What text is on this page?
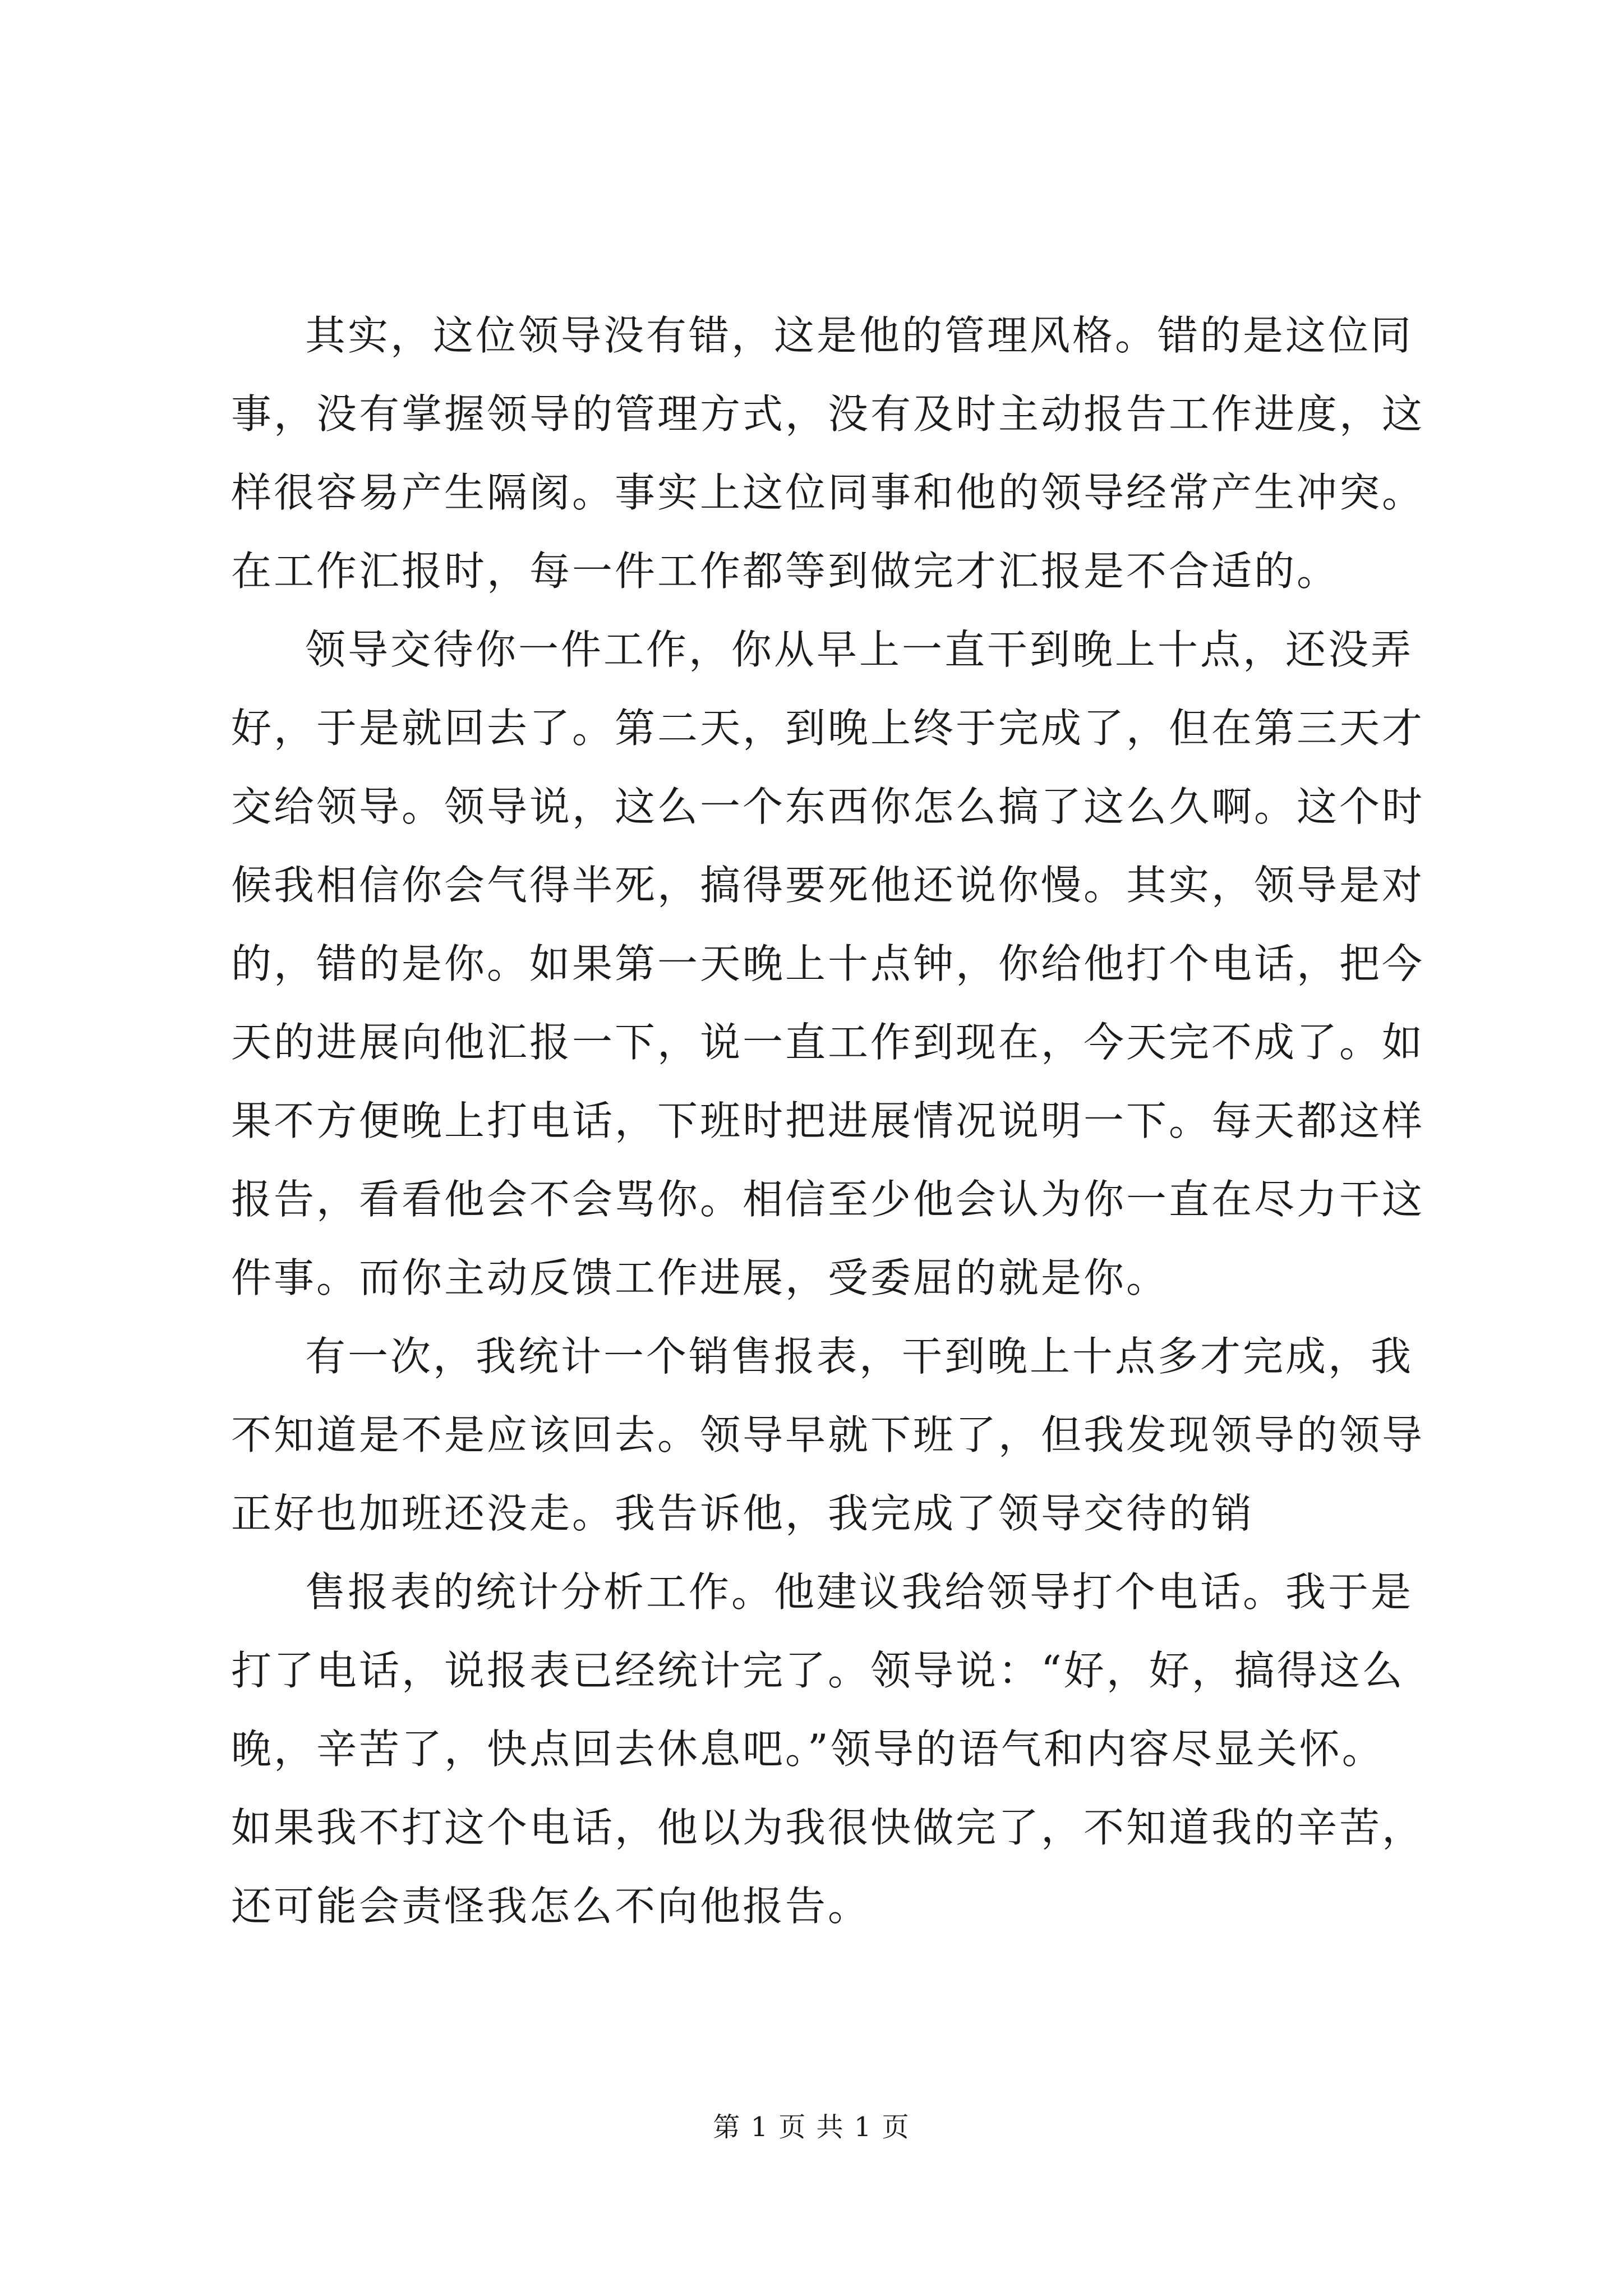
其实，这位领导没有错，这是他的管理风格。错的是这位同

事，没有掌握领导的管理方式，没有及时主动报告工作进度，这

样很容易产生隔阂。事实上这位同事和他的领导经常产生冲突。

在工作汇报时，每一件工作都等到做完才汇报是不合适的。

领导交待你一件工作，你从早上一直干到晚上十点，还没弄

好，于是就回去了。第二天，到晚上终于完成了，但在第三天才

交给领导。领导说，这么一个东西你怎么搞了这么久啊。这个时

候我相信你会气得半死，搞得要死他还说你慢。其实，领导是对

的，错的是你。如果第一天晚上十点钟，你给他打个电话，把今

天的进展向他汇报一下，说一直工作到现在，今天完不成了。如

果不方便晚上打电话，下班时把进展情况说明一下。每天都这样

报告，看看他会不会骂你。相信至少他会认为你一直在尽力干这

件事。而你主动反馈工作进展，受委屈的就是你。

有一次，我统计一个销售报表，干到晚上十点多才完成，我

不知道是不是应该回去。领导早就下班了，但我发现领导的领导

正好也加班还没走。我告诉他，我完成了领导交待的销

售报表的统计分析工作。他建议我给领导打个电话。我于是

打了电话，说报表已经统计完了。领导说：“好，好，搞得这么

晚，辛苦了，快点回去休息吧。”领导的语气和内容尽显关怀。

如果我不打这个电话，他以为我很快做完了，不知道我的辛苦，

还可能会责怪我怎么不向他报告。

第 1 页 共 1 页
